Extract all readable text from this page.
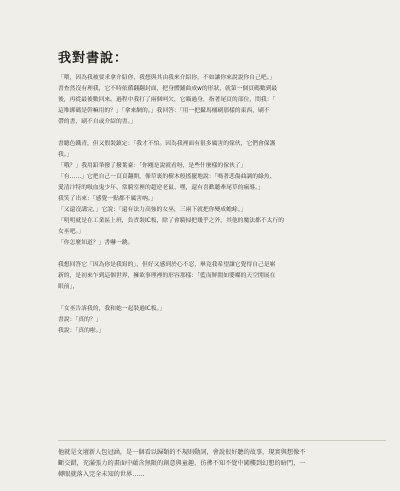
我對書說：

「喂，因為我被要求拿介紹你，我想與其由我來介紹你，不如讓你來說說你自己吧。」
書查然沒有理我，它不時依循翻翻封面，把身體鋪曲成w的形狀，就第一個頁碼數到最
後，再從最後數回來。過程中我打了兩個呵欠，它瞄過身，指著尾頁的部位，問我：「
這堆綁碼是幹嘛用的？」「拿來網的。」我回答：「用一把攝馬桶刷那樣的東西，刷不
帶的書，刷不自或介紹的書。」

書聽色鐵青，但又假裝鎮定：「我才不怕。因為我裡面有很多厲害的傢伙，它們會保護
我。」
「哦？」我用鉛筆撥了撥葉臺：「你剛是說就看呀，是些什麼樣的傢伙了」
「有……」它把自己一頁頁翻開，像草裏的樹木般搖擺地說：「嗎著悲傷曲調的綠魚、
愛清汴特的吸血鬼少年、常騎室裡的超逆老鼠、嘿，還有喜歡聽牽尾草的瘋導。」
我笑了出來：「感覺一點都不厲害吶。」
「又還沒講完，」它說：「還有法力高強的女巫，三兩下就把你變成蟾蜍。」
「明明就是在工業區上班，負責裝IC板，除了會騎掃把幾乎之外，其他的魔法都不太行的
女巫吧。」
「你怎麼知道？」書嚇一跳。

我想回答它「因為你是我寫的」，但好又感到於心不忍，畢竟我希望讓它覺得自己是嶄
新的，是初來乍到這個世界，擁欲事理裡的形容那樣：「藍而鮮閒如嬰嘟的天空開展在
眼前」，

「女巫告訴我的，我和她一起裝過IC板。」
書說：「真的？」
我說：「真的啦。」

他就是文壇新人包冠涵，是一個看以歸類的不規則動詞，會說很好聽的故事，現實與想像不
斷交錯，充滿張力的畫面中蘊含無限的創意與童趣，彷彿不知不覺中闖樓到幻想的暗門，一
轉眼就落入完全未知的世界……
